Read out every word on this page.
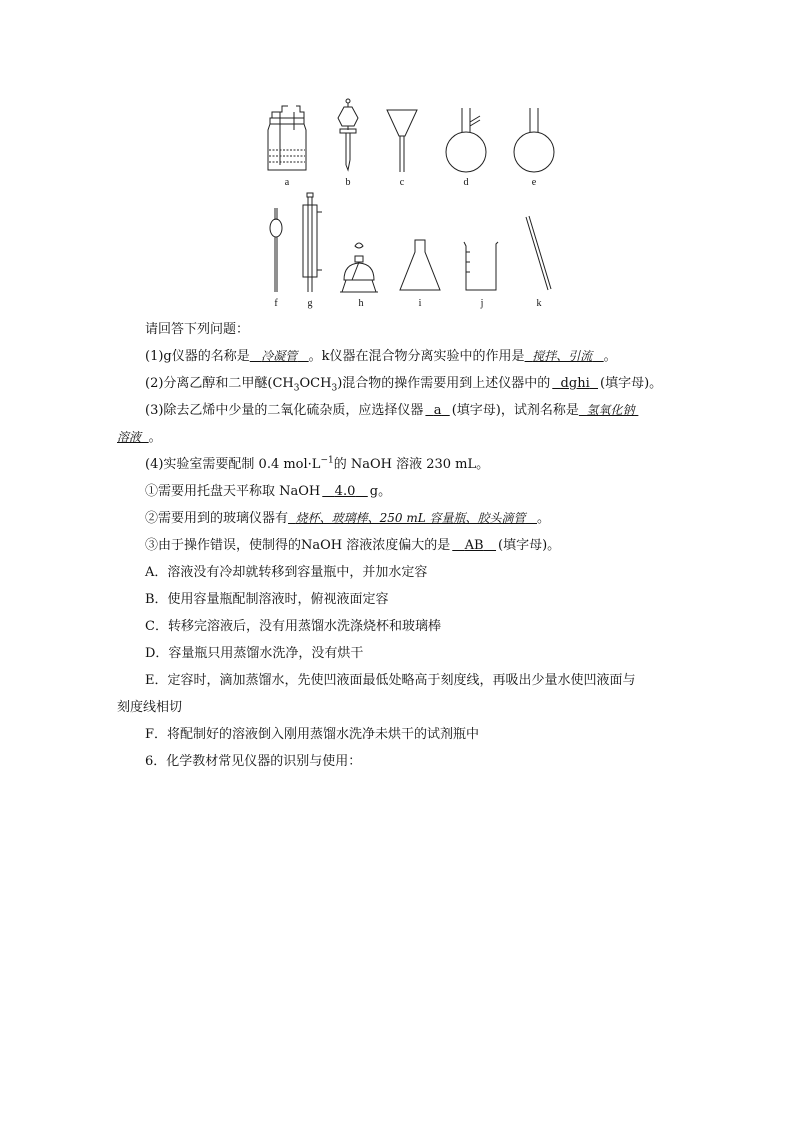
a	b	c	d	e
f	g	h	i	j	k
请回答下列问题：
(1)g仪器的名称是 冷凝管 。k仪器在混合物分离实验中的作用是 搅拌、引流 。
(2)分离乙醇和二甲醚$(CH_3OCH_3)$混合物的操作需要用到上述仪器中的 dghi (填字母)。
(3)除去乙烯中少量的二氧化硫杂质，应选择仪器 a (填字母)，试剂名称是 氢氧化钠
溶液 。
(4)实验室需要配制 0.4 $mol\cdot L^{-1}$的 NaOH 溶液 230 mL。
①需要用托盘天平称取 NaOH 4.0 g。
②需要用到的玻璃仪器有 烧杯、玻璃棒、250 mL 容量瓶、胶头滴管 。
③由于操作错误，使制得的NaOH 溶液浓度偏大的是 AB (填字母)。
A．溶液没有冷却就转移到容量瓶中，并加水定容
B．使用容量瓶配制溶液时，俯视液面定容
C．转移完溶液后，没有用蒸馏水洗涤烧杯和玻璃棒
D．容量瓶只用蒸馏水洗净，没有烘干
E．定容时，滴加蒸馏水，先使凹液面最低处略高于刻度线，再吸出少量水使凹液面与
刻度线相切
F．将配制好的溶液倒入刚用蒸馏水洗净未烘干的试剂瓶中
6．化学教材常见仪器的识别与使用：
